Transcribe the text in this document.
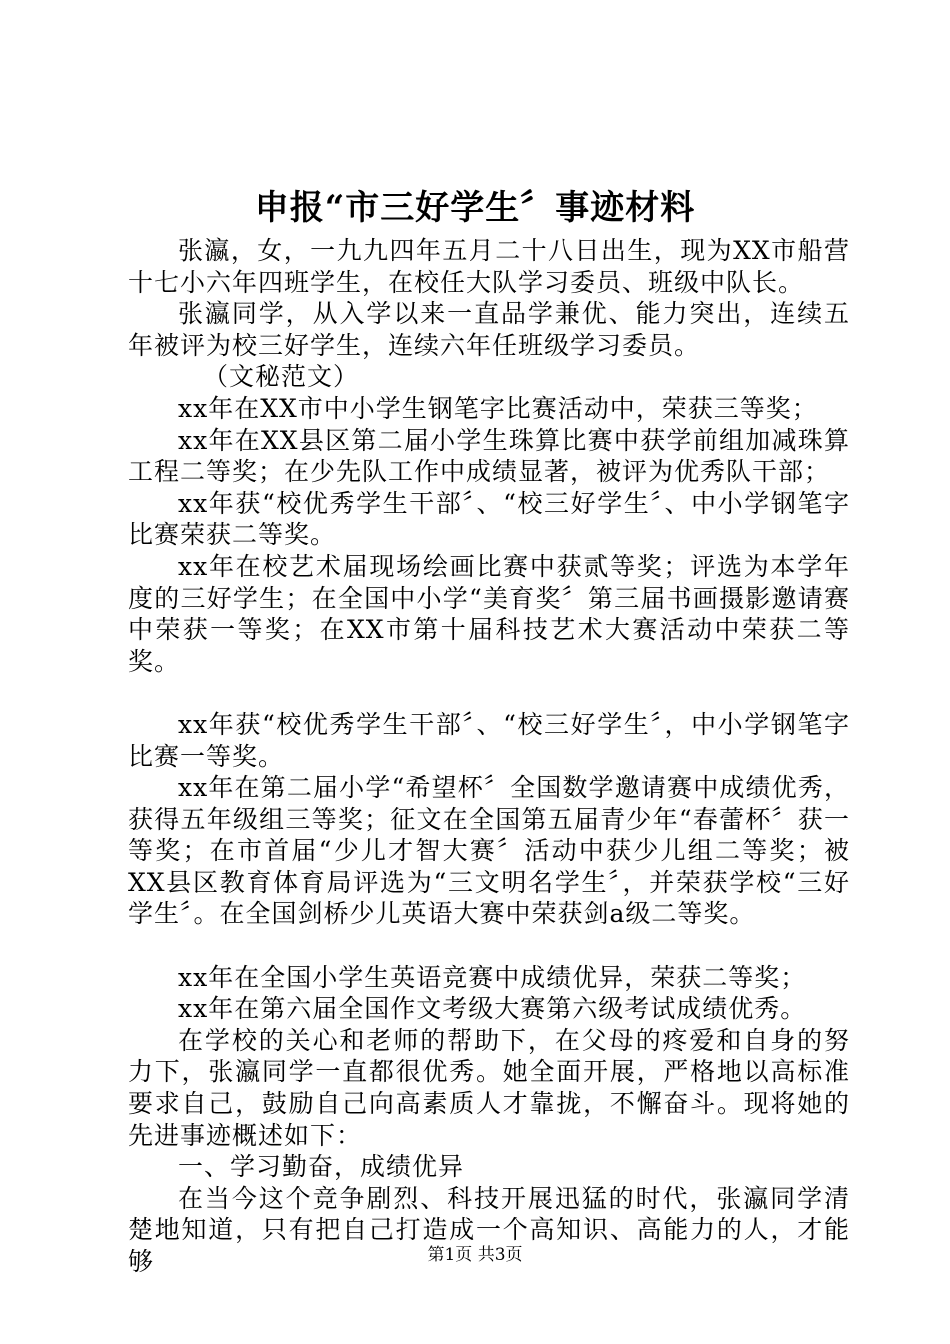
申报“市三好学生〞事迹材料

张瀛，女，一九九四年五月二十八日出生，现为XX市船营十七小六年四班学生，在校任大队学习委员、班级中队长。

张瀛同学，从入学以来一直品学兼优、能力突出，连续五年被评为校三好学生，连续六年任班级学习委员。

（文秘范文）

xx年在XX市中小学生钢笔字比赛活动中，荣获三等奖；

xx年在XX县区第二届小学生珠算比赛中获学前组加减珠算工程二等奖；在少先队工作中成绩显著，被评为优秀队干部；

xx年获“校优秀学生干部〞、“校三好学生〞、中小学钢笔字比赛荣获二等奖。

xx年在校艺术届现场绘画比赛中获贰等奖；评选为本学年度的三好学生；在全国中小学“美育奖〞第三届书画摄影邀请赛中荣获一等奖；在XX市第十届科技艺术大赛活动中荣获二等奖。

xx年获“校优秀学生干部〞、“校三好学生〞，中小学钢笔字比赛一等奖。

xx年在第二届小学“希望杯〞全国数学邀请赛中成绩优秀，获得五年级组三等奖；征文在全国第五届青少年“春蕾杯〞获一等奖；在市首届“少儿才智大赛〞活动中获少儿组二等奖；被XX县区教育体育局评选为“三文明名学生〞，并荣获学校“三好学生〞。在全国剑桥少儿英语大赛中荣获剑a级二等奖。

xx年在全国小学生英语竞赛中成绩优异，荣获二等奖；

xx年在第六届全国作文考级大赛第六级考试成绩优秀。

在学校的关心和老师的帮助下，在父母的疼爱和自身的努力下，张瀛同学一直都很优秀。她全面开展，严格地以高标准要求自己，鼓励自己向高素质人才靠拢，不懈奋斗。现将她的先进事迹概述如下：

一、学习勤奋，成绩优异

在当今这个竞争剧烈、科技开展迅猛的时代，张瀛同学清楚地知道，只有把自己打造成一个高知识、高能力的人，才能够	第1页 共3页
